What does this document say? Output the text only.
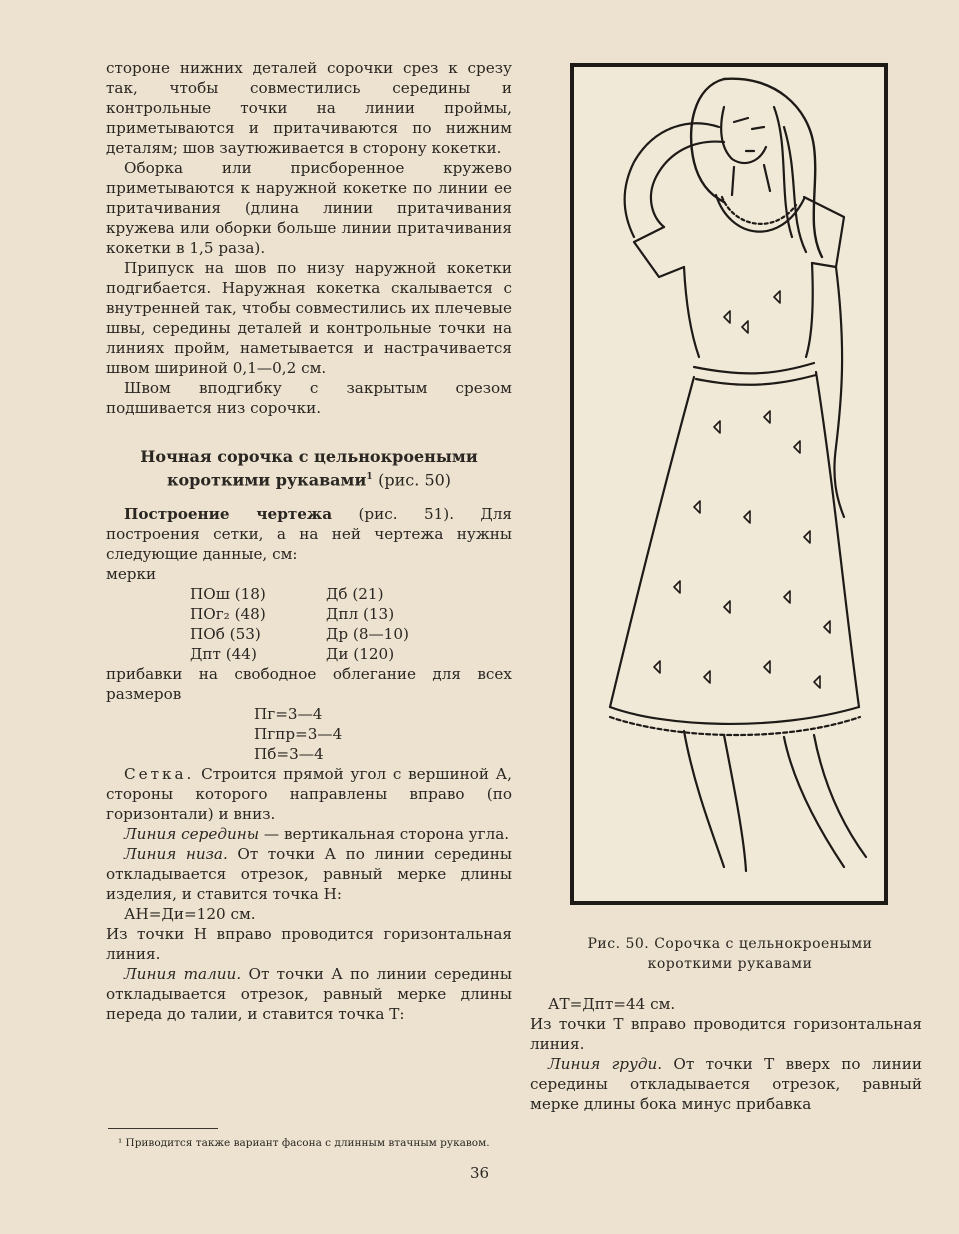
стороне нижних деталей сорочки срез к срезу так, чтобы совместились середины и контрольные точки на линии проймы, приметываются и притачиваются по нижним деталям; шов заутюживается в сторону кокетки.

Оборка или присборенное кружево приметываются к наружной кокетке по линии ее притачивания (длина линии притачивания кружева или оборки больше линии притачивания кокетки в 1,5 раза).

Припуск на шов по низу наружной кокетки подгибается. Наружная кокетка скалывается с внутренней так, чтобы совместились их плечевые швы, середины деталей и контрольные точки на линиях пройм, наметывается и настрачивается швом шириной 0,1—0,2 см.

Швом вподгибку с закрытым срезом подшивается низ сорочки.

Ночная сорочка с цельнокроеными
короткими рукавами$^1$ (рис. 50)

Построение чертежа (рис. 51). Для построения сетки, а на ней чертежа нужны следующие данные, см:

мерки

ПОш (18)	Дб (21)
ПОг₂ (48)	Дпл (13)
ПОб (53)	Др (8—10)
Дпт (44)	Ди (120)

прибавки на свободное облегание для всех размеров

Пг=3—4
Пгпр=3—4
Пб=3—4

Сетка. Строится прямой угол с вершиной А, стороны которого направлены вправо (по горизонтали) и вниз.

Линия середины — вертикальная сторона угла.

Линия низа. От точки А по линии середины откладывается отрезок, равный мерке длины изделия, и ставится точка Н:

АН=Ди=120 см.

Из точки Н вправо проводится горизонтальная линия.

Линия талии. От точки А по линии середины откладывается отрезок, равный мерке длины переда до талии, и ставится точка Т:

Рис. 50. Сорочка с цельнокроеными
короткими рукавами

АТ=Дпт=44 см.

Из точки Т вправо проводится горизонтальная линия.

Линия груди. От точки Т вверх по линии середины откладывается отрезок, равный мерке длины бока минус прибавка

¹ Приводится также вариант фасона с длинным втачным рукавом.
36
